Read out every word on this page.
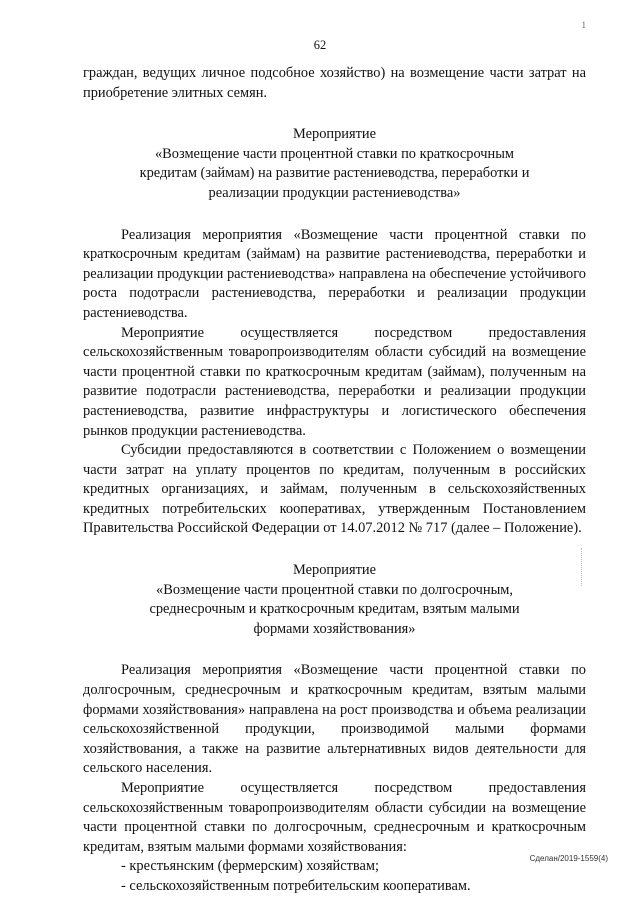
1
62

граждан, ведущих личное подсобное хозяйство) на возмещение части затрат на приобретение элитных семян.

Мероприятие
«Возмещение части процентной ставки по краткосрочным кредитам (займам) на развитие растениеводства, переработки и реализации продукции растениеводства»

Реализация мероприятия «Возмещение части процентной ставки по краткосрочным кредитам (займам) на развитие растениеводства, переработки и реализации продукции растениеводства» направлена на обеспечение устойчивого роста подотрасли растениеводства, переработки и реализации продукции растениеводства.

Мероприятие осуществляется посредством предоставления сельскохозяйственным товаропроизводителям области субсидий на возмещение части процентной ставки по краткосрочным кредитам (займам), полученным на развитие подотрасли растениеводства, переработки и реализации продукции растениеводства, развитие инфраструктуры и логистического обеспечения рынков продукции растениеводства.

Субсидии предоставляются в соответствии с Положением о возмещении части затрат на уплату процентов по кредитам, полученным в российских кредитных организациях, и займам, полученным в сельскохозяйственных кредитных потребительских кооперативах, утвержденным Постановлением Правительства Российской Федерации от 14.07.2012 № 717 (далее – Положение).

Мероприятие
«Возмещение части процентной ставки по долгосрочным, среднесрочным и краткосрочным кредитам, взятым малыми формами хозяйствования»

Реализация мероприятия «Возмещение части процентной ставки по долгосрочным, среднесрочным и краткосрочным кредитам, взятым малыми формами хозяйствования» направлена на рост производства и объема реализации сельскохозяйственной продукции, производимой малыми формами хозяйствования, а также на развитие альтернативных видов деятельности для сельского населения.

Мероприятие осуществляется посредством предоставления сельскохозяйственным товаропроизводителям области субсидии на возмещение части процентной ставки по долгосрочным, среднесрочным и краткосрочным кредитам, взятым малыми формами хозяйствования:

- крестьянским (фермерским) хозяйствам;

- сельскохозяйственным потребительским кооперативам.

Сделан/2019-1559(4)
